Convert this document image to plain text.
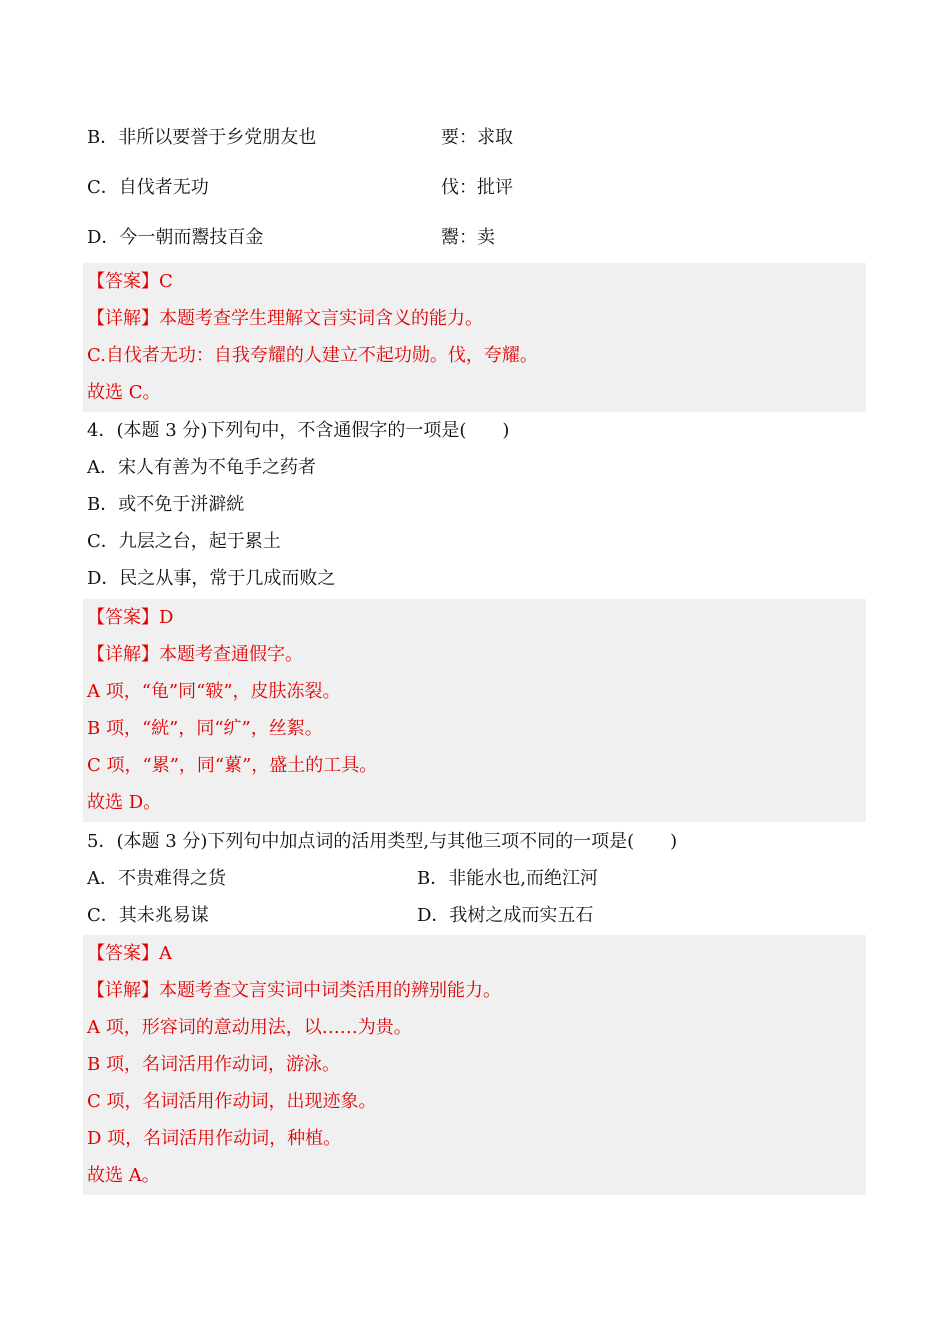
B．非所以要誉于乡党朋友也	要：求取
C．自伐者无功	伐：批评
D．今一朝而鬻技百金	鬻：卖
【答案】C
【详解】本题考查学生理解文言实词含义的能力。
C.自伐者无功：自我夸耀的人建立不起功勋。伐，夸耀。
故选 C。
4．(本题 3 分)下列句中，不含通假字的一项是(　　)
A．宋人有善为不龟手之药者
B．或不免于洴澼絖
C．九层之台，起于累土
D．民之从事，常于几成而败之
【答案】D
【详解】本题考查通假字。
A 项，“龟”同“皲”，皮肤冻裂。
B 项，“絖”，同“纩”，丝絮。
C 项，“累”，同“蔂”，盛土的工具。
故选 D。
5．(本题 3 分)下列句中加点词的活用类型,与其他三项不同的一项是(　　)
A．不贵难得之货	B．非能水也,而绝江河
C．其未兆易谋	D．我树之成而实五石
【答案】A
【详解】本题考查文言实词中词类活用的辨别能力。
A 项，形容词的意动用法，以……为贵。
B 项，名词活用作动词，游泳。
C 项，名词活用作动词，出现迹象。
D 项，名词活用作动词，种植。
故选 A。
